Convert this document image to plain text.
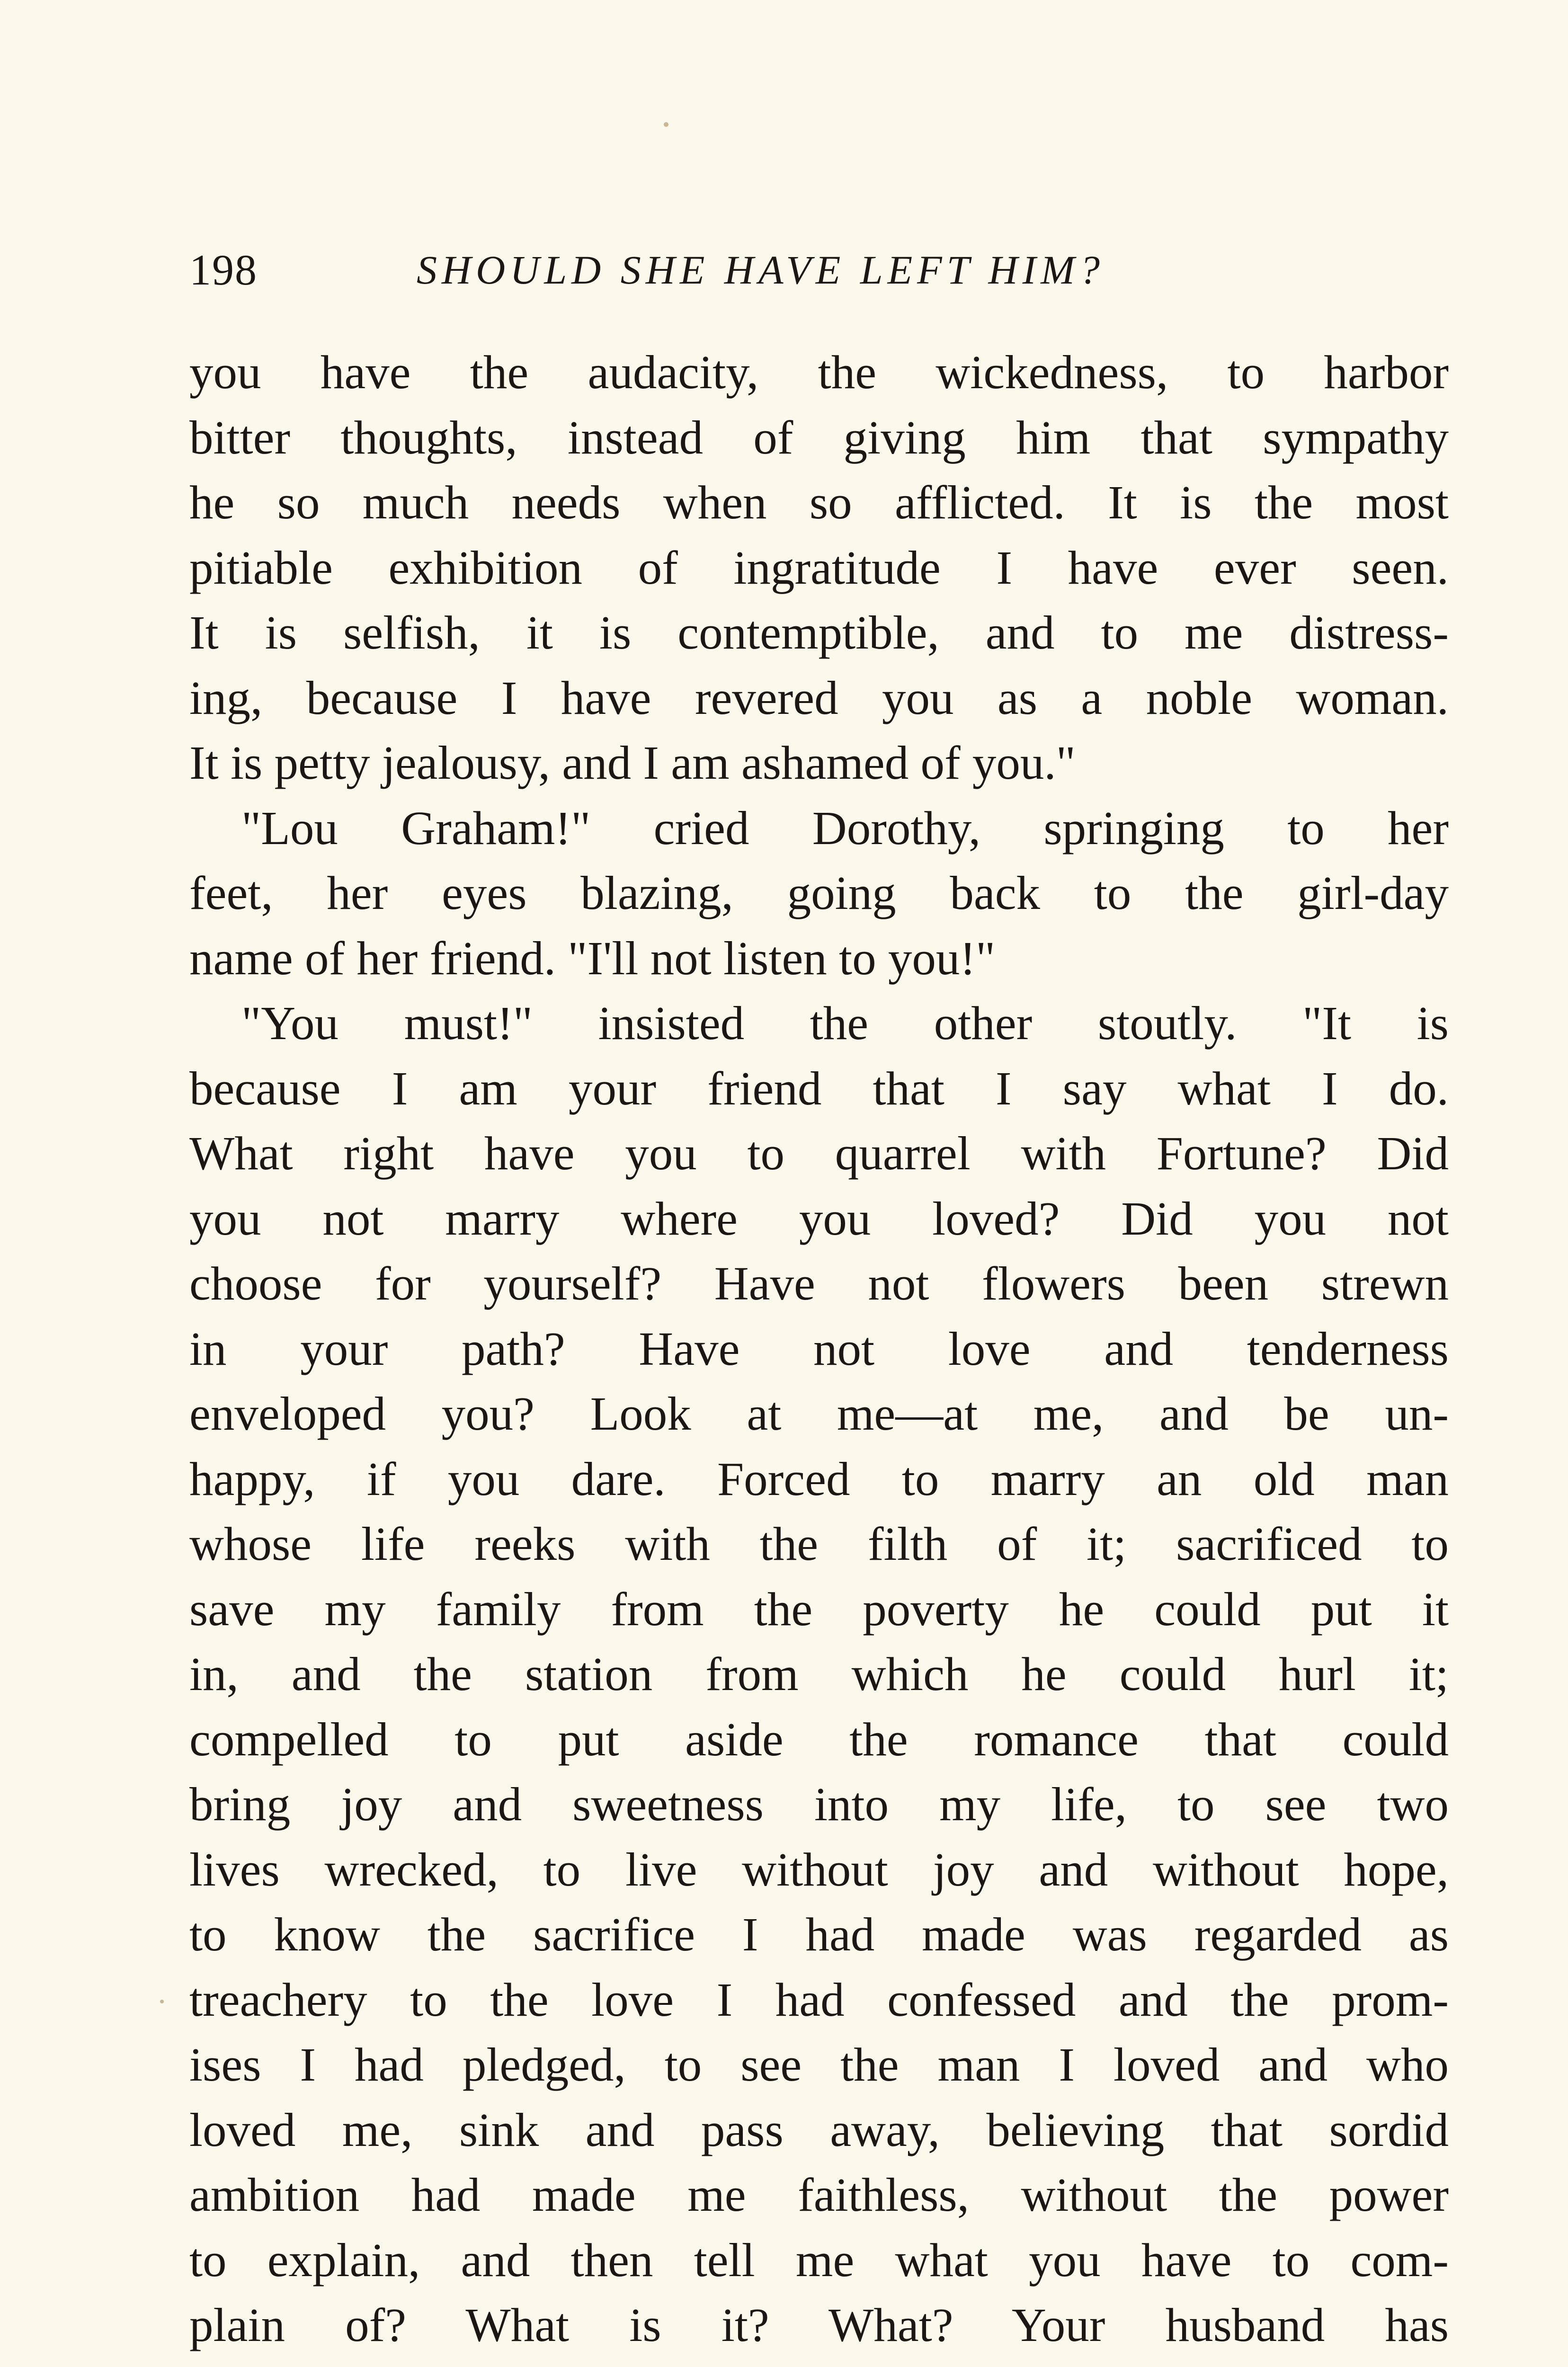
198	SHOULD SHE HAVE LEFT HIM?
you have the audacity, the wickedness, to harbor
bitter thoughts, instead of giving him that sympathy
he so much needs when so afflicted. It is the most
pitiable exhibition of ingratitude I have ever seen.
It is selfish, it is contemptible, and to me distress-
ing, because I have revered you as a noble woman.
It is petty jealousy, and I am ashamed of you."
"Lou Graham!" cried Dorothy, springing to her
feet, her eyes blazing, going back to the girl-day
name of her friend. "I'll not listen to you!"
"You must!" insisted the other stoutly. "It is
because I am your friend that I say what I do.
What right have you to quarrel with Fortune? Did
you not marry where you loved? Did you not
choose for yourself? Have not flowers been strewn
in your path? Have not love and tenderness
enveloped you? Look at me—at me, and be un-
happy, if you dare. Forced to marry an old man
whose life reeks with the filth of it; sacrificed to
save my family from the poverty he could put it
in, and the station from which he could hurl it;
compelled to put aside the romance that could
bring joy and sweetness into my life, to see two
lives wrecked, to live without joy and without hope,
to know the sacrifice I had made was regarded as
treachery to the love I had confessed and the prom-
ises I had pledged, to see the man I loved and who
loved me, sink and pass away, believing that sordid
ambition had made me faithless, without the power
to explain, and then tell me what you have to com-
plain of? What is it? What? Your husband has
